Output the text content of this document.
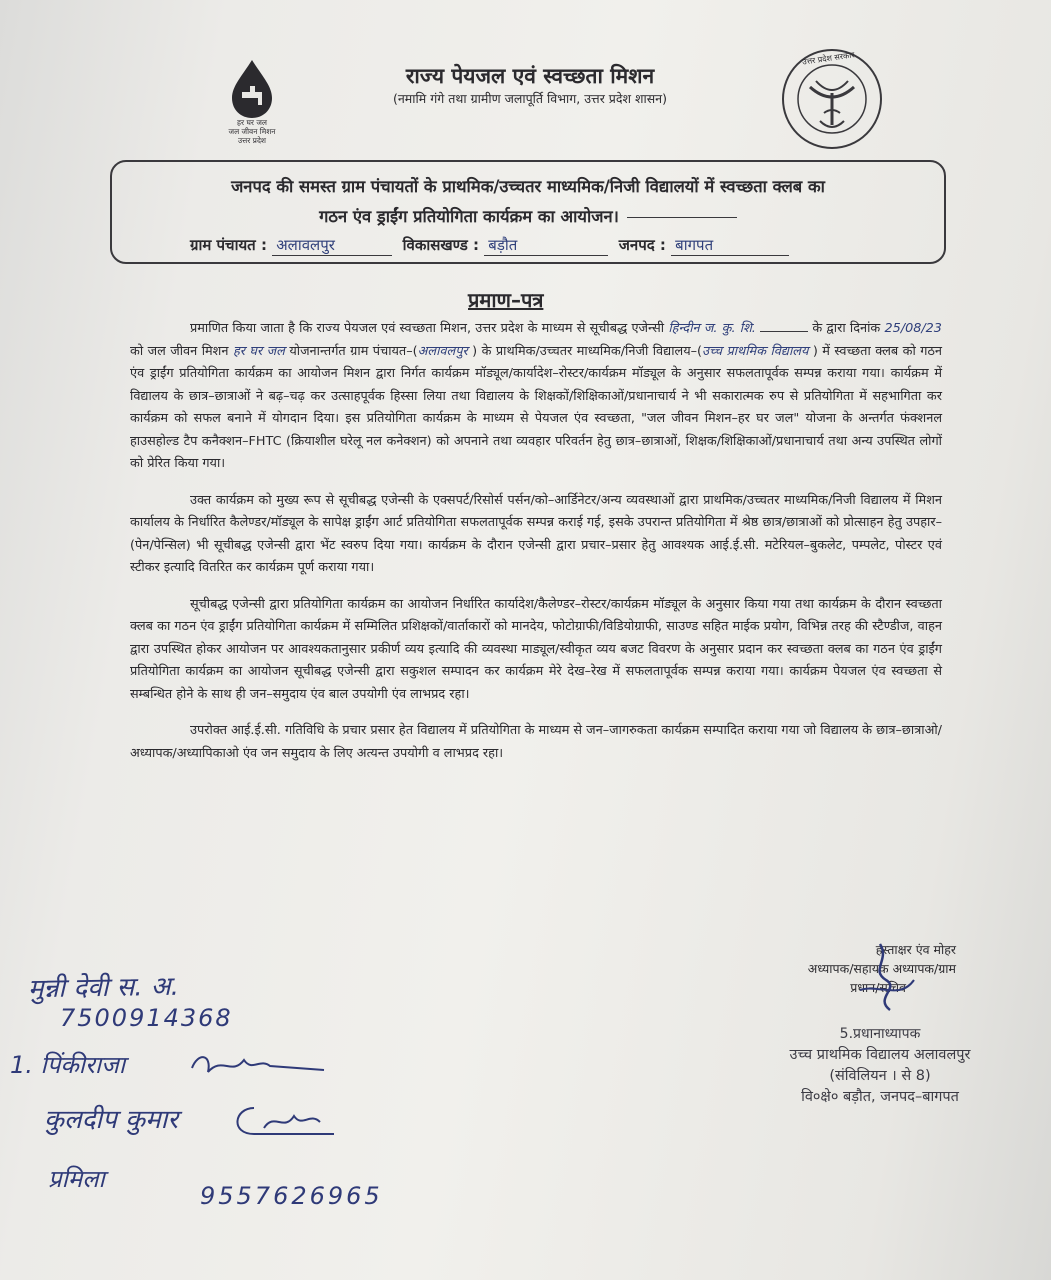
हर घर जल
जल जीवन मिशन
उत्तर प्रदेश
राज्य पेयजल एवं स्वच्छता मिशन
(नमामि गंगे तथा ग्रामीण जलापूर्ति विभाग, उत्तर प्रदेश शासन)
उत्तर प्रदेश सरकार
जनपद की समस्त ग्राम पंचायतों के प्राथमिक/उच्चतर माध्यमिक/निजी विद्यालयों में स्वच्छता क्लब का
गठन एंव ड्राईंग प्रतियोगिता कार्यक्रम का आयोजन।
ग्राम पंचायत : अलावलपुर	विकासखण्ड : बड़ौत	जनपद : बागपत
प्रमाण–पत्र

प्रमाणित किया जाता है कि राज्य पेयजल एवं स्वच्छता मिशन, उत्तर प्रदेश के माध्यम से सूचीबद्ध एजेन्सी हिन्दीन ज. कु. शि.	के द्वारा दिनांक 25/08/23 को जल जीवन मिशन हर घर जल योजनान्तर्गत ग्राम पंचायत–(अलावलपुर ) के प्राथमिक/उच्चतर माध्यमिक/निजी विद्यालय–(उच्च प्राथमिक विद्यालय ) में स्वच्छता क्लब को गठन एंव ड्राईंग प्रतियोगिता कार्यक्रम का आयोजन मिशन द्वारा निर्गत कार्यक्रम मॉड्यूल/कार्यादेश–रोस्टर/कार्यक्रम मॉड्यूल के अनुसार सफलतापूर्वक सम्पन्न कराया गया। कार्यक्रम में विद्यालय के छात्र–छात्राओं ने बढ़–चढ़ कर उत्साहपूर्वक हिस्सा लिया तथा विद्यालय के शिक्षकों/शिक्षिकाओं/प्रधानाचार्य ने भी सकारात्मक रुप से प्रतियोगिता में सहभागिता कर कार्यक्रम को सफल बनाने में योगदान दिया। इस प्रतियोगिता कार्यक्रम के माध्यम से पेयजल एंव स्वच्छता, "जल जीवन मिशन–हर घर जल" योजना के अन्तर्गत फंक्शनल हाउसहोल्ड टैप कनैक्शन–FHTC (क्रियाशील घरेलू नल कनेक्शन) को अपनाने तथा व्यवहार परिवर्तन हेतु छात्र–छात्राओं, शिक्षक/शिक्षिकाओं/प्रधानाचार्य तथा अन्य उपस्थित लोगों को प्रेरित किया गया।

उक्त कार्यक्रम को मुख्य रूप से सूचीबद्ध एजेन्सी के एक्सपर्ट/रिसोर्स पर्सन/को–आर्डिनेटर/अन्य व्यवस्थाओं द्वारा प्राथमिक/उच्चतर माध्यमिक/निजी विद्यालय में मिशन कार्यालय के निर्धारित कैलेण्डर/मॉड्यूल के सापेक्ष ड्राईंग आर्ट प्रतियोगिता सफलतापूर्वक सम्पन्न कराई गई, इसके उपरान्त प्रतियोगिता में श्रेष्ठ छात्र/छात्राओं को प्रोत्साहन हेतु उपहार–(पेन/पेन्सिल) भी सूचीबद्ध एजेन्सी द्वारा भेंट स्वरुप दिया गया। कार्यक्रम के दौरान एजेन्सी द्वारा प्रचार–प्रसार हेतु आवश्यक आई.ई.सी. मटेरियल–बुकलेट, पम्पलेट, पोस्टर एवं स्टीकर इत्यादि वितरित कर कार्यक्रम पूर्ण कराया गया।

सूचीबद्ध एजेन्सी द्वारा प्रतियोगिता कार्यक्रम का आयोजन निर्धारित कार्यादेश/कैलेण्डर–रोस्टर/कार्यक्रम मॉड्यूल के अनुसार किया गया तथा कार्यक्रम के दौरान स्वच्छता क्लब का गठन एंव ड्राईंग प्रतियोगिता कार्यक्रम में सम्मिलित प्रशिक्षकों/वार्ताकारों को मानदेय, फोटोग्राफी/विडियोग्राफी, साउण्ड सहित माईक प्रयोग, विभिन्न तरह की स्टैण्डीज, वाहन द्वारा उपस्थित होकर आयोजन पर आवश्यकतानुसार प्रकीर्ण व्यय इत्यादि की व्यवस्था माड्यूल/स्वीकृत व्यय बजट विवरण के अनुसार प्रदान कर स्वच्छता क्लब का गठन एंव ड्राईंग प्रतियोगिता कार्यक्रम का आयोजन सूचीबद्ध एजेन्सी द्वारा सकुशल सम्पादन कर कार्यक्रम मेरे देख–रेख में सफलतापूर्वक सम्पन्न कराया गया। कार्यक्रम पेयजल एंव स्वच्छता से सम्बन्धित होने के साथ ही जन–समुदाय एंव बाल उपयोगी एंव लाभप्रद रहा।

उपरोक्त आई.ई.सी. गतिविधि के प्रचार प्रसार हेत विद्यालय में प्रतियोगिता के माध्यम से जन–जागरुकता कार्यक्रम सम्पादित कराया गया जो विद्यालय के छात्र–छात्राओ/अध्यापक/अध्यापिकाओ एंव जन समुदाय के लिए अत्यन्त उपयोगी व लाभप्रद रहा।

हस्ताक्षर एंव मोहर
अध्यापक/सहायक अध्यापक/ग्राम
प्रधान/सचिव
5.प्रधानाध्यापक
उच्च प्राथमिक विद्यालय अलावलपुर
(संविलियन । से 8)
वि०क्षे० बड़ौत, जनपद–बागपत
मुन्नी देवी स. अ.
7500914368
1. पिंकीराजा
कुलदीप कुमार
प्रमिला
9557626965
